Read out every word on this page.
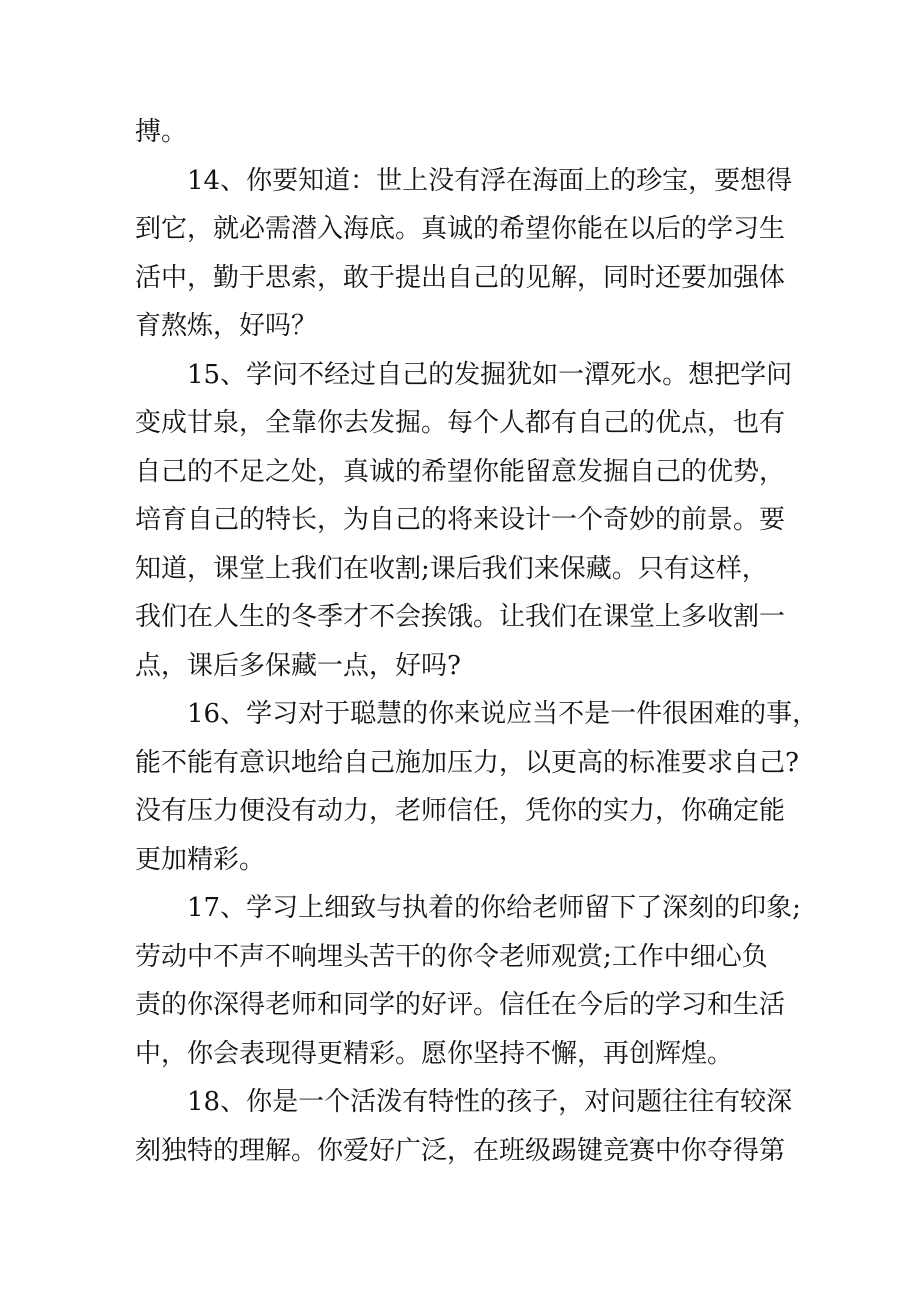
搏。
14、你要知道：世上没有浮在海面上的珍宝，要想得
到它，就必需潜入海底。真诚的希望你能在以后的学习生
活中，勤于思索，敢于提出自己的见解，同时还要加强体
育熬炼，好吗？
15、学问不经过自己的发掘犹如一潭死水。想把学问
变成甘泉，全靠你去发掘。每个人都有自己的优点，也有
自己的不足之处，真诚的希望你能留意发掘自己的优势，
培育自己的特长，为自己的将来设计一个奇妙的前景。要
知道，课堂上我们在收割;课后我们来保藏。只有这样，
我们在人生的冬季才不会挨饿。让我们在课堂上多收割一
点，课后多保藏一点，好吗?
16、学习对于聪慧的你来说应当不是一件很困难的事，
能不能有意识地给自己施加压力，以更高的标准要求自己?
没有压力便没有动力，老师信任，凭你的实力，你确定能
更加精彩。
17、学习上细致与执着的你给老师留下了深刻的印象;
劳动中不声不响埋头苦干的你令老师观赏;工作中细心负
责的你深得老师和同学的好评。信任在今后的学习和生活
中，你会表现得更精彩。愿你坚持不懈，再创辉煌。
18、你是一个活泼有特性的孩子，对问题往往有较深
刻独特的理解。你爱好广泛，在班级踢键竞赛中你夺得第
